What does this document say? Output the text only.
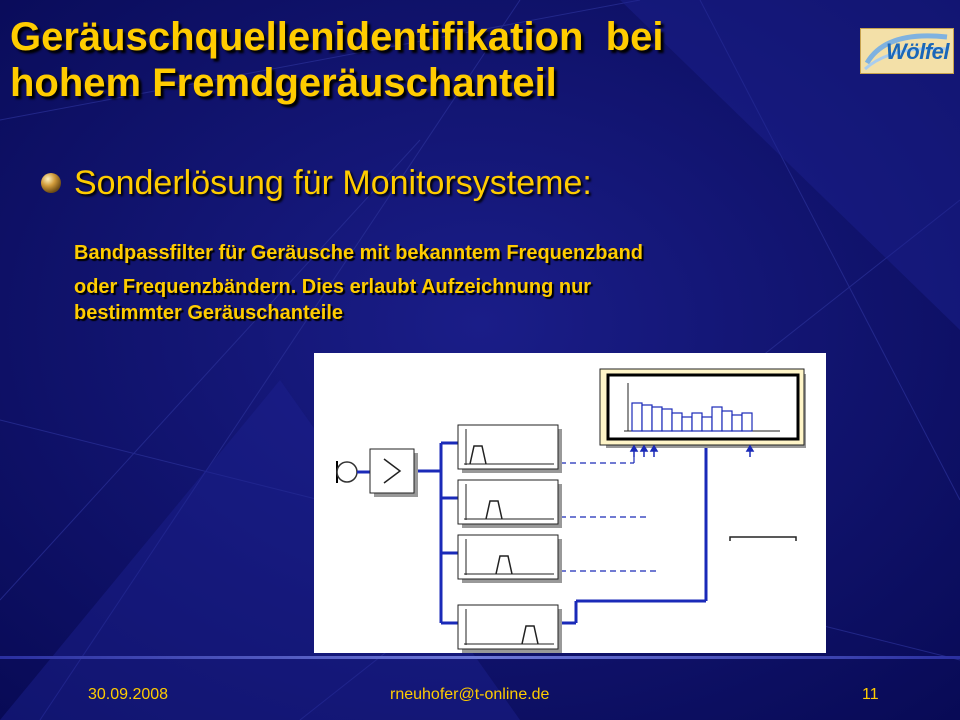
Geräuschquellenidentifikation  bei
hohem Fremdgeräuschanteil
Wölfel
Sonderlösung für Monitorsysteme:
Bandpassfilter für Geräusche mit bekanntem Frequenzband
oder Frequenzbändern. Dies erlaubt Aufzeichnung nur
bestimmter Geräuschanteile
30.09.2008	rneuhofer@t-online.de	11
